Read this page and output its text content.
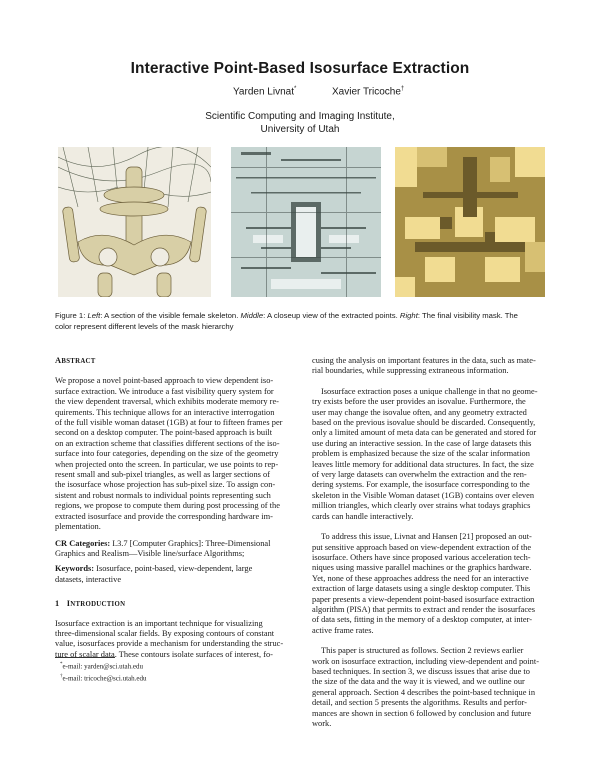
Interactive Point-Based Isosurface Extraction
Yarden Livnat*	Xavier Tricoche†
Scientific Computing and Imaging Institute,
University of Utah
Figure 1: Left: A section of the visible female skeleton. Middle: A closeup view of the extracted points. Right: The final visibility mask. The
color represent different levels of the mask hierarchy
ABSTRACT
We propose a novel point-based approach to view dependent iso-
surface extraction. We introduce a fast visibility query system for
the view dependent traversal, which exhibits moderate memory re-
quirements. This technique allows for an interactive interrogation
of the full visible woman dataset (1GB) at four to fifteen frames per
second on a desktop computer. The point-based approach is built
on an extraction scheme that classifies different sections of the iso-
surface into four categories, depending on the size of the geometry
when projected onto the screen. In particular, we use points to rep-
resent small and sub-pixel triangles, as well as larger sections of
the isosurface whose projection has sub-pixel size. To assign con-
sistent and robust normals to individual points representing such
regions, we propose to compute them during post processing of the
extracted isosurface and provide the corresponding hardware im-
plementation.
CR Categories: I.3.7 [Computer Graphics]: Three-Dimensional
Graphics and Realism—Visible line/surface Algorithms;
Keywords: Isosurface, point-based, view-dependent, large
datasets, interactive
1 INTRODUCTION
Isosurface extraction is an important technique for visualizing
three-dimensional scalar fields. By exposing contours of constant
value, isosurfaces provide a mechanism for understanding the struc-
ture of scalar data. These contours isolate surfaces of interest, fo-
*e-mail: yarden@sci.utah.edu
†e-mail: tricoche@sci.utah.edu
cusing the analysis on important features in the data, such as mate-
rial boundaries, while suppressing extraneous information.
Isosurface extraction poses a unique challenge in that no geome-
try exists before the user provides an isovalue. Furthermore, the
user may change the isovalue often, and any geometry extracted
based on the previous isovalue should be discarded. Consequently,
only a limited amount of meta data can be generated and stored for
use during an interactive session. In the case of large datasets this
problem is emphasized because the size of the scalar information
leaves little memory for additional data structures. In fact, the size
of very large datasets can overwhelm the extraction and the ren-
dering systems. For example, the isosurface corresponding to the
skeleton in the Visible Woman dataset (1GB) contains over eleven
million triangles, which clearly over strains what todays graphics
cards can handle interactively.
To address this issue, Livnat and Hansen [21] proposed an out-
put sensitive approach based on view-dependent extraction of the
isosurface. Others have since proposed various acceleration tech-
niques using massive parallel machines or the graphics hardware.
Yet, none of these approaches address the need for an interactive
extraction of large datasets using a single desktop computer. This
paper presents a view-dependent point-based isosurface extraction
algorithm (PISA) that permits to extract and render the isosurfaces
of data sets, fitting in the memory of a desktop computer, at inter-
active frame rates.
This paper is structured as follows. Section 2 reviews earlier
work on isosurface extraction, including view-dependent and point-
based techniques. In section 3, we discuss issues that arise due to
the size of the data and the way it is viewed, and we outline our
general approach. Section 4 describes the point-based technique in
detail, and section 5 presents the algorithms. Results and perfor-
mances are shown in section 6 followed by conclusion and future
work.
